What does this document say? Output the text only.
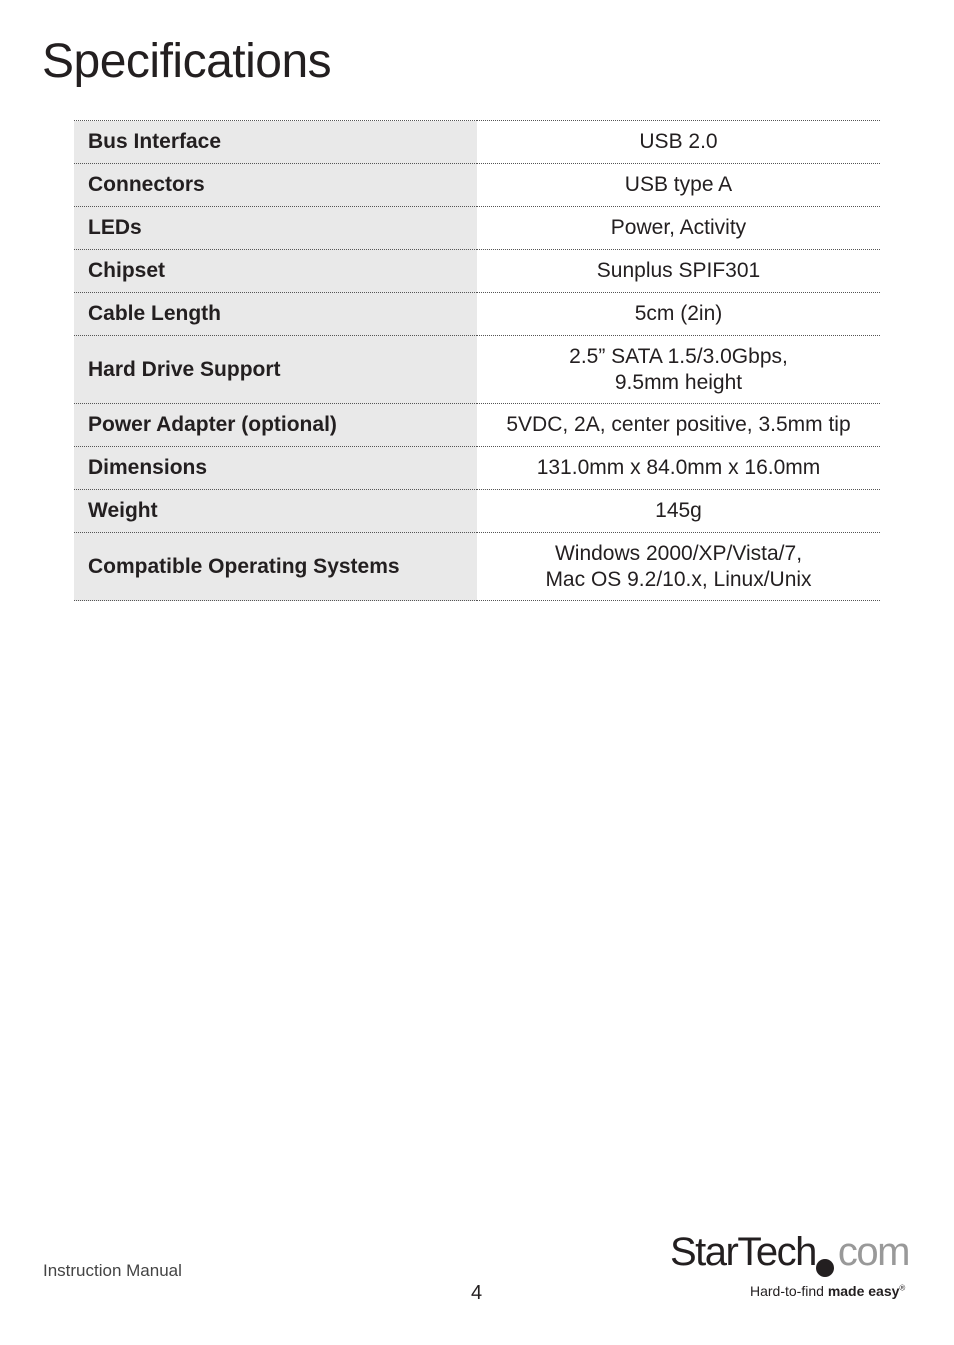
Specifications
Bus Interface	USB 2.0
Connectors	USB type A
LEDs	Power, Activity
Chipset	Sunplus SPIF301
Cable Length	5cm (2in)
Hard Drive Support	2.5” SATA 1.5/3.0Gbps,
9.5mm height
Power Adapter (optional)	5VDC, 2A, center positive, 3.5mm tip
Dimensions	131.0mm x 84.0mm x 16.0mm
Weight	145g
Compatible Operating Systems	Windows 2000/XP/Vista/7,
Mac OS 9.2/10.x, Linux/Unix
Instruction Manual
4
StarTech com
Hard-to-find made easy®
